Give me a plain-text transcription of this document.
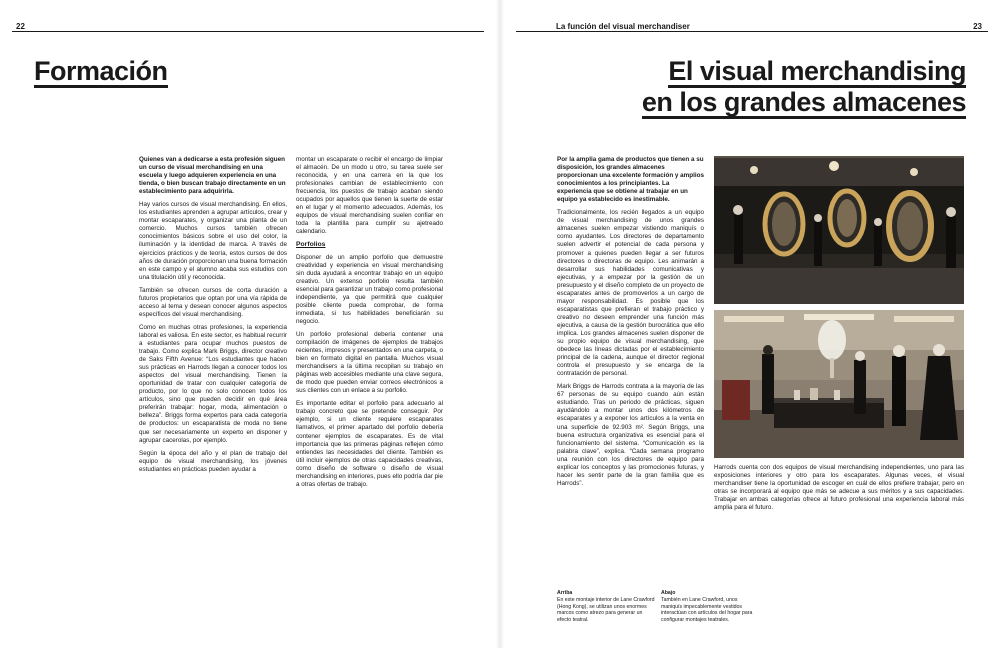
22	La función del visual merchandiser	23
Formación	El visual merchandising
en los grandes almacenes

Quienes van a dedicarse a esta profesión siguen un curso de visual merchandising en una escuela y luego adquieren experiencia en una tienda, o bien buscan trabajo directamente en un establecimiento para adquirirla.

Hay varios cursos de visual merchandising. En ellos, los estudiantes aprenden a agrupar artículos, crear y montar escaparates, y organizar una planta de un comercio. Muchos cursos también ofrecen conocimientos básicos sobre el uso del color, la iluminación y la identidad de marca. A través de ejercicios prácticos y de teoría, estos cursos de dos años de duración proporcionan una buena formación en este campo y el alumno acaba sus estudios con una titulación útil y reconocida.

También se ofrecen cursos de corta duración a futuros propietarios que optan por una vía rápida de acceso al tema y desean conocer algunos aspectos específicos del visual merchandising.

Como en muchas otras profesiones, la experiencia laboral es valiosa. En este sector, es habitual recurrir a estudiantes para ocupar muchos puestos de trabajo. Como explica Mark Briggs, director creativo de Saks Fifth Avenue: “Los estudiantes que hacen sus prácticas en Harrods llegan a conocer todos los aspectos del visual merchandising. Tienen la oportunidad de tratar con cualquier categoría de producto, por lo que no solo conocen todos los artículos, sino que pueden decidir en qué área preferirán trabajar: hogar, moda, alimentación o belleza”. Briggs forma expertos para cada categoría de productos: un escaparatista de moda no tiene que ser necesariamente un experto en disponer y agrupar cacerolas, por ejemplo.

Según la época del año y el plan de trabajo del equipo de visual merchandising, los jóvenes estudiantes en prácticas pueden ayudar a

montar un escaparate o recibir el encargo de limpiar el almacén. De un modo u otro, su tarea suele ser reconocida, y en una carrera en la que los profesionales cambian de establecimiento con frecuencia, los puestos de trabajo acaban siendo ocupados por aquellos que tienen la suerte de estar en el lugar y el momento adecuados. Además, los equipos de visual merchandising suelen confiar en toda la plantilla para cumplir su ajetreado calendario.

Porfolios

Disponer de un amplio porfolio que demuestre creatividad y experiencia en visual merchandising sin duda ayudará a encontrar trabajo en un equipo creativo. Un extenso porfolio resulta también esencial para garantizar un trabajo como profesional independiente, ya que permitirá que cualquier posible cliente pueda comprobar, de forma inmediata, si tus habilidades beneficiarán su negocio.

Un porfolio profesional debería contener una compilación de imágenes de ejemplos de trabajos recientes, impresos y presentados en una carpeta, o bien en formato digital en pantalla. Muchos visual merchandisers a la última recopilan su trabajo en páginas web accesibles mediante una clave segura, de modo que pueden enviar correos electrónicos a sus clientes con un enlace a su porfolio.

Es importante editar el porfolio para adecuarlo al trabajo concreto que se pretende conseguir. Por ejemplo, si un cliente requiere escaparates llamativos, el primer apartado del porfolio debería contener ejemplos de escaparates. Es de vital importancia que las primeras páginas reflejen cómo entiendes las necesidades del cliente. También es útil incluir ejemplos de otras capacidades creativas, como diseño de software o diseño de visual merchandising en interiores, pues ello podría dar pie a otras ofertas de trabajo.

Por la amplia gama de productos que tienen a su disposición, los grandes almacenes proporcionan una excelente formación y amplios conocimientos a los principiantes. La experiencia que se obtiene al trabajar en un equipo ya establecido es inestimable.

Tradicionalmente, los recién llegados a un equipo de visual merchandising de unos grandes almacenes suelen empezar vistiendo maniquís o como ayudantes. Los directores de departamento suelen advertir el potencial de cada persona y promover a quienes pueden llegar a ser futuros directores o directoras de equipo. Les animarán a desarrollar sus habilidades comunicativas y ejecutivas, y a empezar por la gestión de un presupuesto y el diseño completo de un proyecto de escaparates antes de promoverlos a un cargo de mayor responsabilidad. Es posible que los escaparatistas que prefieran el trabajo práctico y creativo no deseen emprender una función más ejecutiva, a causa de la gestión burocrática que ello implica. Los grandes almacenes suelen disponer de su propio equipo de visual merchandising, que obedece las líneas dictadas por el establecimiento principal de la cadena, aunque el director regional controla el presupuesto y se encarga de la contratación de personal.

Mark Briggs de Harrods contrata a la mayoría de las 67 personas de su equipo cuando aún están estudiando. Tras un periodo de prácticas, siguen ayudándolo a montar unos dos kilómetros de escaparates y a exponer los artículos a la venta en una superficie de 92.903 m². Según Briggs, una buena estructura organizativa es esencial para el funcionamiento del sistema. “Comunicación es la palabra clave”, explica. “Cada semana programo una reunión con los directores de equipo para explicar los conceptos y las promociones futuras, y hacer les sentir parte de la gran familia que es Harrods”.

Harrods cuenta con dos equipos de visual merchandising independientes, uno para las exposiciones interiores y otro para los escaparates. Algunas veces, el visual merchandiser tiene la oportunidad de escoger en cuál de ellos prefiere trabajar, pero en otras se incorporará al equipo que más se adecue a sus méritos y a sus capacidades. Trabajar en ambas categorías ofrece al futuro profesional una experiencia laboral más amplia para el futuro.

Arriba
En este montaje interior de Lane Crawford (Hong Kong), se utilizan unos enormes marcos como atrezo para generar un efecto teatral.
Abajo
También en Lane Crawford, unos maniquís impecablemente vestidos interactúan con artículos del hogar para configurar montajes teatrales.
